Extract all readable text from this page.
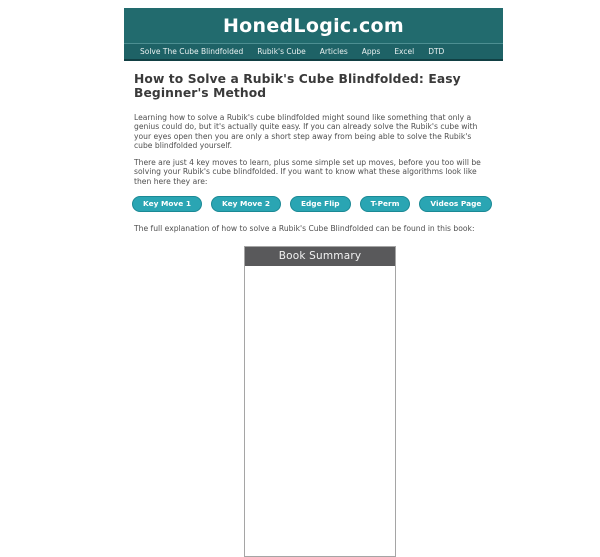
HonedLogic.com
Solve The Cube Blindfolded Rubik's Cube Articles Apps Excel DTD
How to Solve a Rubik's Cube Blindfolded: Easy Beginner's Method

Learning how to solve a Rubik's cube blindfolded might sound like something that only a genius could do, but it's actually quite easy. If you can already solve the Rubik's cube with your eyes open then you are only a short step away from being able to solve the Rubik's cube blindfolded yourself.

There are just 4 key moves to learn, plus some simple set up moves, before you too will be solving your Rubik's cube blindfolded. If you want to know what these algorithms look like then here they are:

Key Move 1	Key Move 2	Edge Flip	T-Perm	Videos Page

The full explanation of how to solve a Rubik's Cube Blindfolded can be found in this book:

Book Summary
